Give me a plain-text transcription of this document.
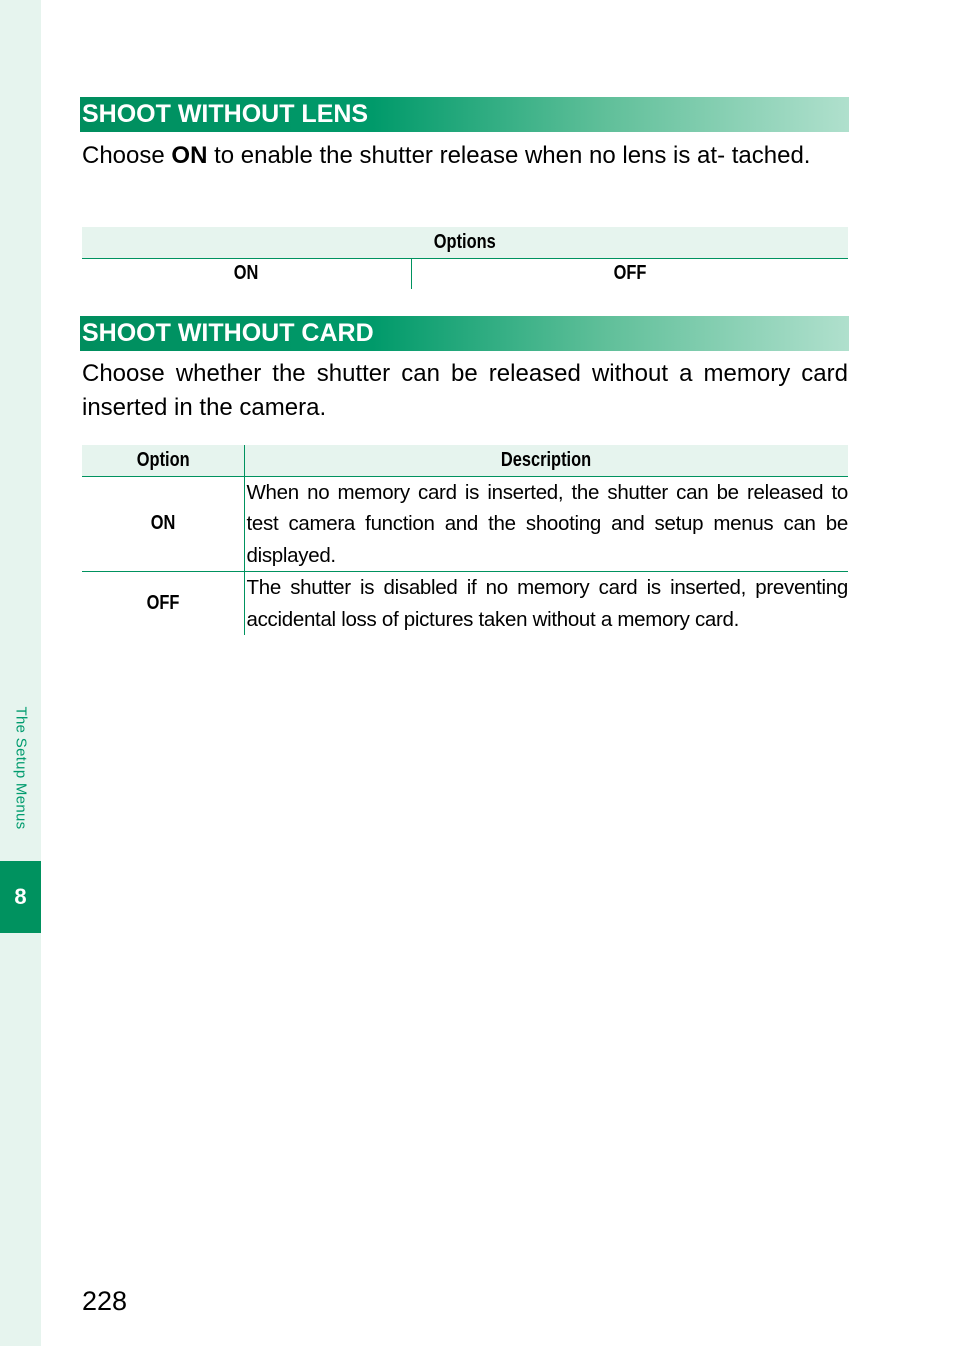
The Setup Menus
8
SHOOT WITHOUT LENS

Choose ON to enable the shutter release when no lens is at- tached.

Options
ON	OFF
SHOOT WITHOUT CARD

Choose whether the shutter can be released without a memory card inserted in the camera.

Option	Description
ON	When no memory card is inserted, the shutter can be released to test camera function and the shooting and setup menus can be displayed.
OFF	The shutter is disabled if no memory card is inserted, preventing accidental loss of pictures taken without a memory card.
228
